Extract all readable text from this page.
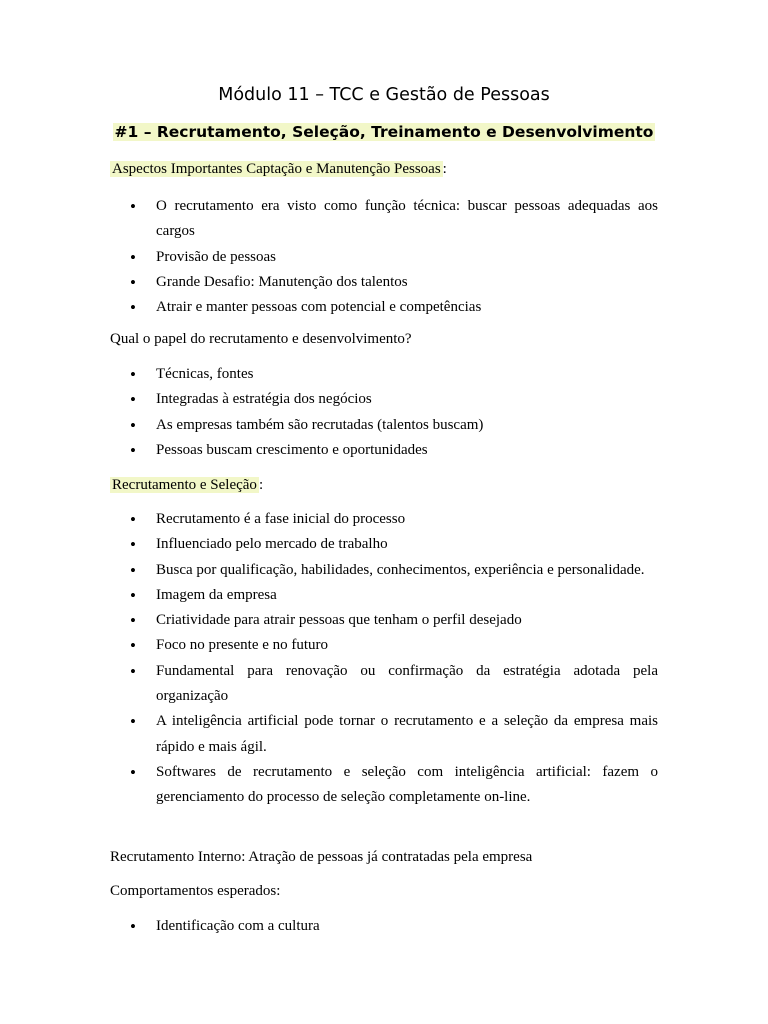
Módulo 11 – TCC e Gestão de Pessoas
#1 – Recrutamento, Seleção, Treinamento e Desenvolvimento

Aspectos Importantes Captação e Manutenção Pessoas :

• O recrutamento era visto como função técnica: buscar pessoas adequadas aos cargos
• Provisão de pessoas
• Grande Desafio: Manutenção dos talentos
• Atrair e manter pessoas com potencial e competências

Qual o papel do recrutamento e desenvolvimento?

• Técnicas, fontes
• Integradas à estratégia dos negócios
• As empresas também são recrutadas (talentos buscam)
• Pessoas buscam crescimento e oportunidades

Recrutamento e Seleção :

• Recrutamento é a fase inicial do processo
• Influenciado pelo mercado de trabalho
• Busca por qualificação, habilidades, conhecimentos, experiência e personalidade.
• Imagem da empresa
• Criatividade para atrair pessoas que tenham o perfil desejado
• Foco no presente e no futuro
• Fundamental para renovação ou confirmação da estratégia adotada pela organização
• A inteligência artificial pode tornar o recrutamento e a seleção da empresa mais rápido e mais ágil.
• Softwares de recrutamento e seleção com inteligência artificial: fazem o gerenciamento do processo de seleção completamente on-line.

Recrutamento Interno: Atração de pessoas já contratadas pela empresa

Comportamentos esperados:

• Identificação com a cultura
